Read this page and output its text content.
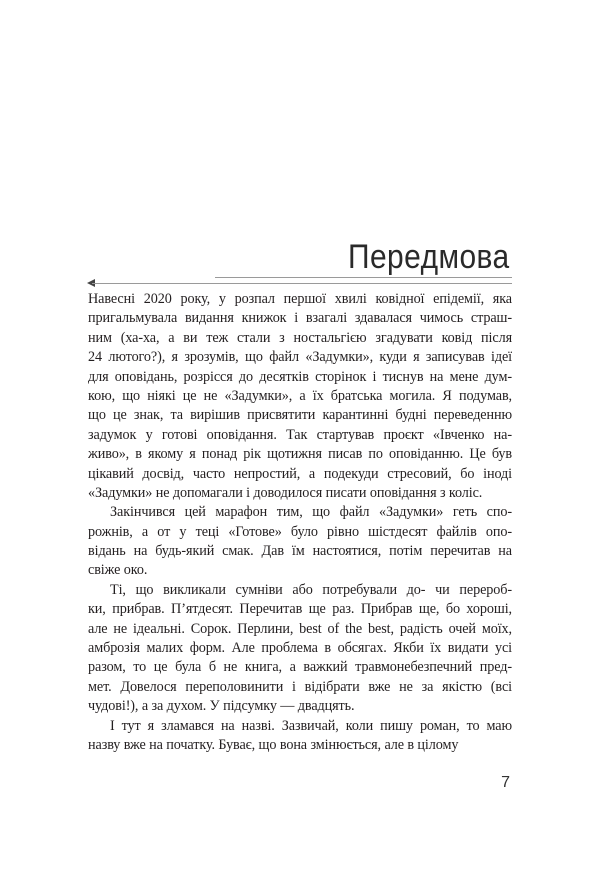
Передмова
Навесні 2020 року, у розпал першої хвилі ковідної епідемії, яка
пригальмувала видання книжок і взагалі здавалася чимось страш-
ним (ха-ха, а ви теж стали з ностальгією згадувати ковід після
24 лютого?), я зрозумів, що файл «Задумки», куди я записував ідеї
для оповідань, розрісся до десятків сторінок і тиснув на мене дум-
кою, що ніякі це не «Задумки», а їх братська могила. Я подумав,
що це знак, та вирішив присвятити карантинні будні переведенню
задумок у готові оповідання. Так стартував проєкт «Івченко на-
живо», в якому я понад рік щотижня писав по оповіданню. Це був
цікавий досвід, часто непростий, а подекуди стресовий, бо іноді
«Задумки» не допомагали і доводилося писати оповідання з коліс.
Закінчився цей марафон тим, що файл «Задумки» геть спо-
рожнів, а от у теці «Готове» було рівно шістдесят файлів опо-
відань на будь-який смак. Дав їм настоятися, потім перечитав на
свіже око.
Ті, що викликали сумніви або потребували до- чи перероб-
ки, прибрав. П’ятдесят. Перечитав ще раз. Прибрав ще, бо хороші,
але не ідеальні. Сорок. Перлини, best of the best, радість очей моїх,
амброзія малих форм. Але проблема в обсягах. Якби їх видати усі
разом, то це була б не книга, а важкий травмонебезпечний пред-
мет. Довелося переполовинити і відібрати вже не за якістю (всі
чудові!), а за духом. У підсумку — двадцять.
І тут я зламався на назві. Зазвичай, коли пишу роман, то маю
назву вже на початку. Буває, що вона змінюється, але в цілому
7
